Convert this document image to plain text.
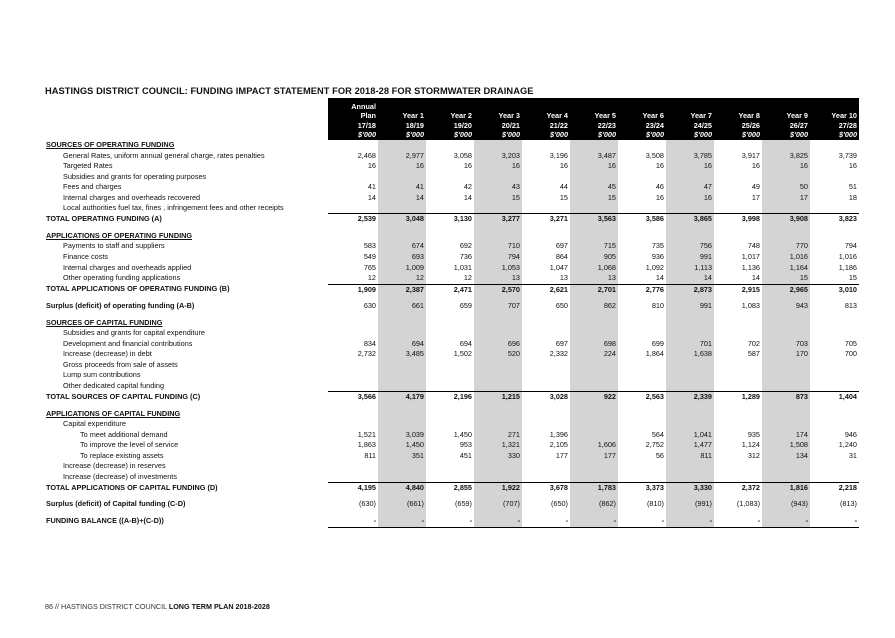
HASTINGS DISTRICT COUNCIL: FUNDING IMPACT STATEMENT FOR 2018-28 FOR STORMWATER DRAINAGE

	Annual
Plan
17/18
$'000	Year 1
18/19
$'000	Year 2
19/20
$'000	Year 3
20/21
$'000	Year 4
21/22
$'000	Year 5
22/23
$'000	Year 6
23/24
$'000	Year 7
24/25
$'000	Year 8
25/26
$'000	Year 9
26/27
$'000	Year 10
27/28
$'000

SOURCES OF OPERATING FUNDING											
General Rates, uniform annual general charge, rates penalties	2,468	2,977	3,058	3,203	3,196	3,487	3,508	3,785	3,917	3,825	3,739
Targeted Rates	16	16	16	16	16	16	16	16	16	16	16
Subsidies and grants for operating purposes											
Fees and charges	41	41	42	43	44	45	46	47	49	50	51
Internal charges and overheads recovered	14	14	14	15	15	15	16	16	17	17	18
Local authorities fuel tax, fines , infringement fees and other receipts											
TOTAL OPERATING FUNDING (A)	2,539	3,048	3,130	3,277	3,271	3,563	3,586	3,865	3,998	3,908	3,823

APPLICATIONS OF OPERATING FUNDING											
Payments to staff and suppliers	583	674	692	710	697	715	735	756	748	770	794
Finance costs	549	693	736	794	864	905	936	991	1,017	1,016	1,016
Internal charges and overheads applied	765	1,009	1,031	1,053	1,047	1,068	1,092	1,113	1,136	1,164	1,186
Other operating funding applications	12	12	12	13	13	13	14	14	14	15	15
TOTAL APPLICATIONS OF OPERATING FUNDING (B)	1,909	2,387	2,471	2,570	2,621	2,701	2,776	2,873	2,915	2,965	3,010

Surplus (deficit) of operating funding (A-B)	630	661	659	707	650	862	810	991	1,083	943	813

SOURCES OF CAPITAL FUNDING											
Subsidies and grants for capital expenditure											
Development and financial contributions	834	694	694	696	697	698	699	701	702	703	705
Increase (decrease) in debt	2,732	3,485	1,502	520	2,332	224	1,864	1,638	587	170	700
Gross proceeds from sale of assets											
Lump sum contributions											
Other dedicated capital funding											
TOTAL SOURCES OF CAPITAL FUNDING (C)	3,566	4,179	2,196	1,215	3,028	922	2,563	2,339	1,289	873	1,404

APPLICATIONS OF CAPITAL FUNDING											
Capital expenditure											
To meet additional demand	1,521	3,039	1,450	271	1,396		564	1,041	935	174	946
To improve the level of service	1,863	1,450	953	1,321	2,105	1,606	2,752	1,477	1,124	1,508	1,240
To replace existing assets	811	351	451	330	177	177	56	811	312	134	31
Increase (decrease) in reserves											
Increase (decrease) of investments											
TOTAL APPLICATIONS OF CAPITAL FUNDING (D)	4,195	4,840	2,855	1,922	3,678	1,783	3,373	3,330	2,372	1,816	2,218

Surplus (deficit) of Capital funding (C-D)	(630)	(661)	(659)	(707)	(650)	(862)	(810)	(991)	(1,083)	(943)	(813)

FUNDING BALANCE ((A-B)+(C-D))	-	-	-	-	-	-	-	-	-	-	-
86 // HASTINGS DISTRICT COUNCIL LONG TERM PLAN 2018-2028
